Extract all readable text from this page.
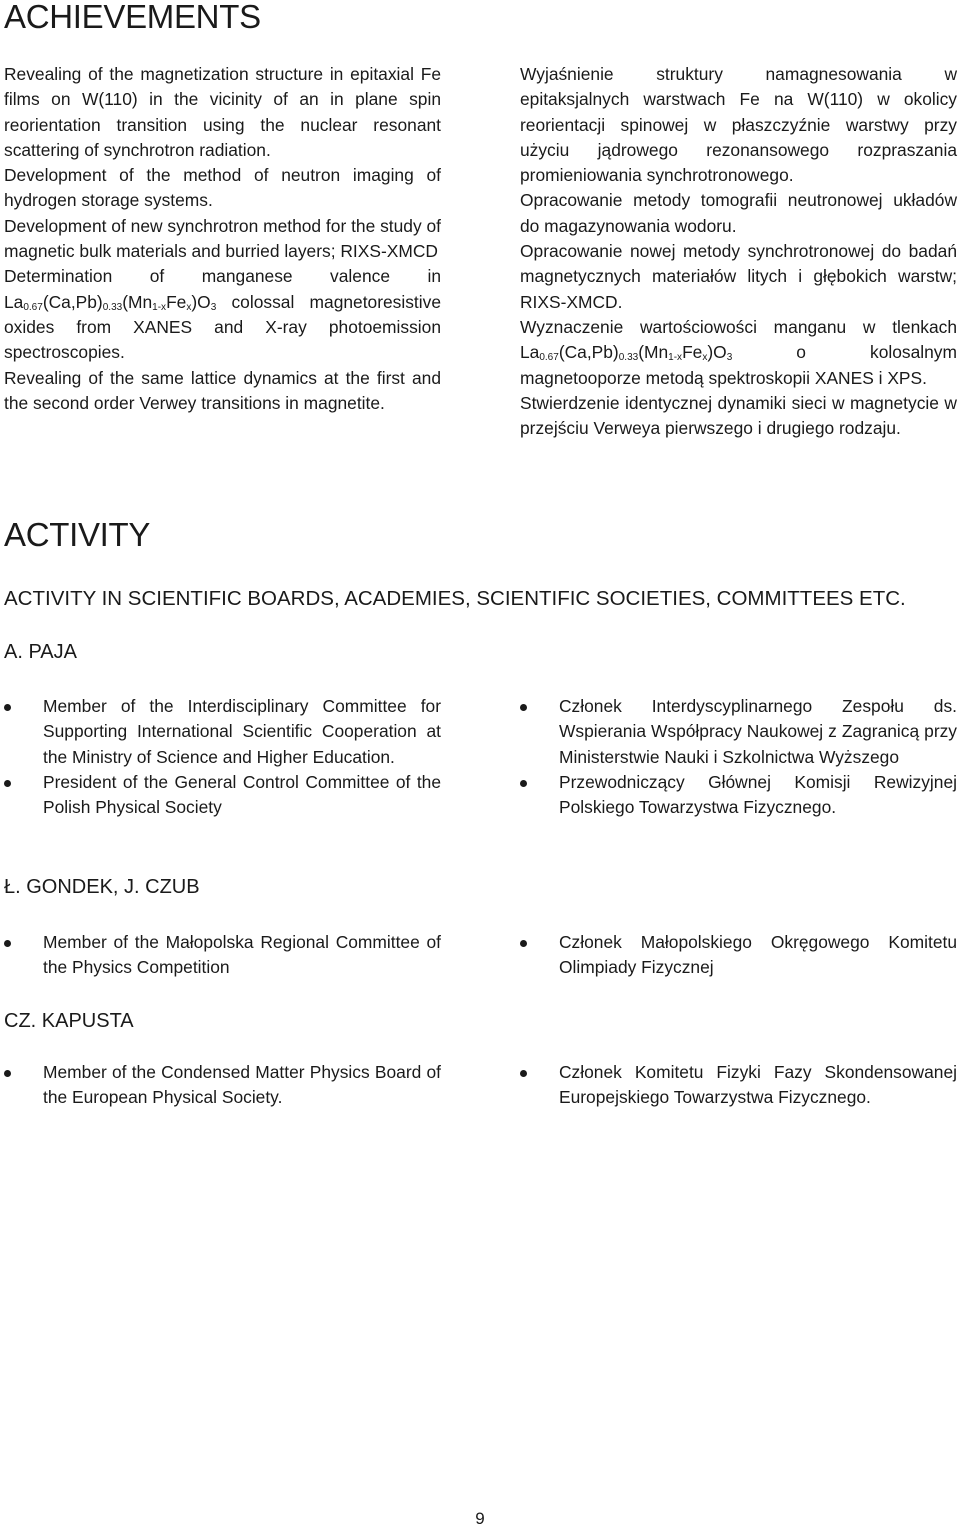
ACHIEVEMENTS

Revealing of the magnetization structure in epitaxial Fe films on W(110) in the vicinity of an in plane spin reorientation transition using the nuclear resonant scattering of synchrotron radiation.

Development of the method of neutron imaging of hydrogen storage systems.

Development of new synchrotron method for the study of magnetic bulk materials and burried layers; RIXS-XMCD

Determination of manganese valence in $La_{0.67}(Ca,Pb)_{0.33}(Mn_{1-x}Fe_x)O_3$ colossal magnetoresistive oxides from XANES and X-ray photoemission spectroscopies.

Revealing of the same lattice dynamics at the first and the second order Verwey transitions in magnetite.

Wyjaśnienie struktury namagnesowania w epitaksjalnych warstwach Fe na W(110) w okolicy reorientacji spinowej w płaszczyźnie warstwy przy użyciu jądrowego rezonansowego rozpraszania promieniowania synchrotronowego.

Opracowanie metody tomografii neutronowej układów do magazynowania wodoru.

Opracowanie nowej metody synchrotronowej do badań magnetycznych materiałów litych i głębokich warstw; RIXS-XMCD.

Wyznaczenie wartościowości manganu w tlenkach $La_{0.67}(Ca,Pb)_{0.33}(Mn_{1-x}Fe_x)O_3$ o kolosalnym magnetooporze metodą spektroskopii XANES i XPS.

Stwierdzenie identycznej dynamiki sieci w magnetycie w przejściu Verweya pierwszego i drugiego rodzaju.

ACTIVITY
ACTIVITY IN SCIENTIFIC BOARDS, ACADEMIES, SCIENTIFIC SOCIETIES, COMMITTEES ETC.
A. PAJA
Member of the Interdisciplinary Committee for Supporting International Scientific Cooperation at the Ministry of Science and Higher Education.
President of the General Control Committee of the Polish Physical Society
Członek Interdyscyplinarnego Zespołu ds. Wspierania Współpracy Naukowej z Zagranicą przy Ministerstwie Nauki i Szkolnictwa Wyższego
Przewodniczący Głównej Komisji Rewizyjnej Polskiego Towarzystwa Fizycznego.
Ł. GONDEK, J. CZUB
Member of the Małopolska Regional Committee of the Physics Competition
Członek Małopolskiego Okręgowego Komitetu Olimpiady Fizycznej
CZ. KAPUSTA
Member of the Condensed Matter Physics Board of the European Physical Society.
Członek Komitetu Fizyki Fazy Skondensowanej Europejskiego Towarzystwa Fizycznego.
9
